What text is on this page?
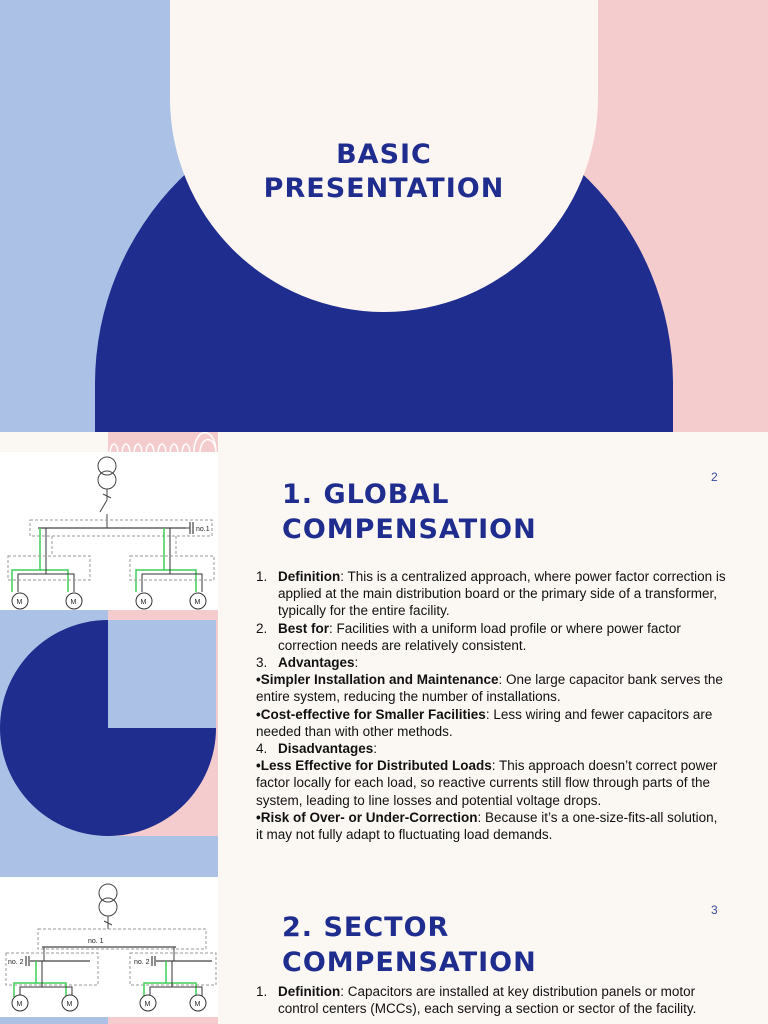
BASIC
PRESENTATION
no.1
M	M	M	M
2
1. GLOBAL
COMPENSATION
1. Definition: This is a centralized approach, where power factor correction is applied at the main distribution board or the primary side of a transformer, typically for the entire facility.
2. Best for: Facilities with a uniform load profile or where power factor correction needs are relatively consistent.
3. Advantages:
•Simpler Installation and Maintenance: One large capacitor bank serves the entire system, reducing the number of installations.
•Cost-effective for Smaller Facilities: Less wiring and fewer capacitors are needed than with other methods.
4. Disadvantages:
•Less Effective for Distributed Loads: This approach doesn’t correct power factor locally for each load, so reactive currents still flow through parts of the system, leading to line losses and potential voltage drops.
•Risk of Over- or Under-Correction: Because it’s a one-size-fits-all solution, it may not fully adapt to fluctuating load demands.
no. 1
no. 2	no. 2
M	M	M	M
3
2. SECTOR
COMPENSATION
1. Definition: Capacitors are installed at key distribution panels or motor control centers (MCCs), each serving a section or sector of the facility.
